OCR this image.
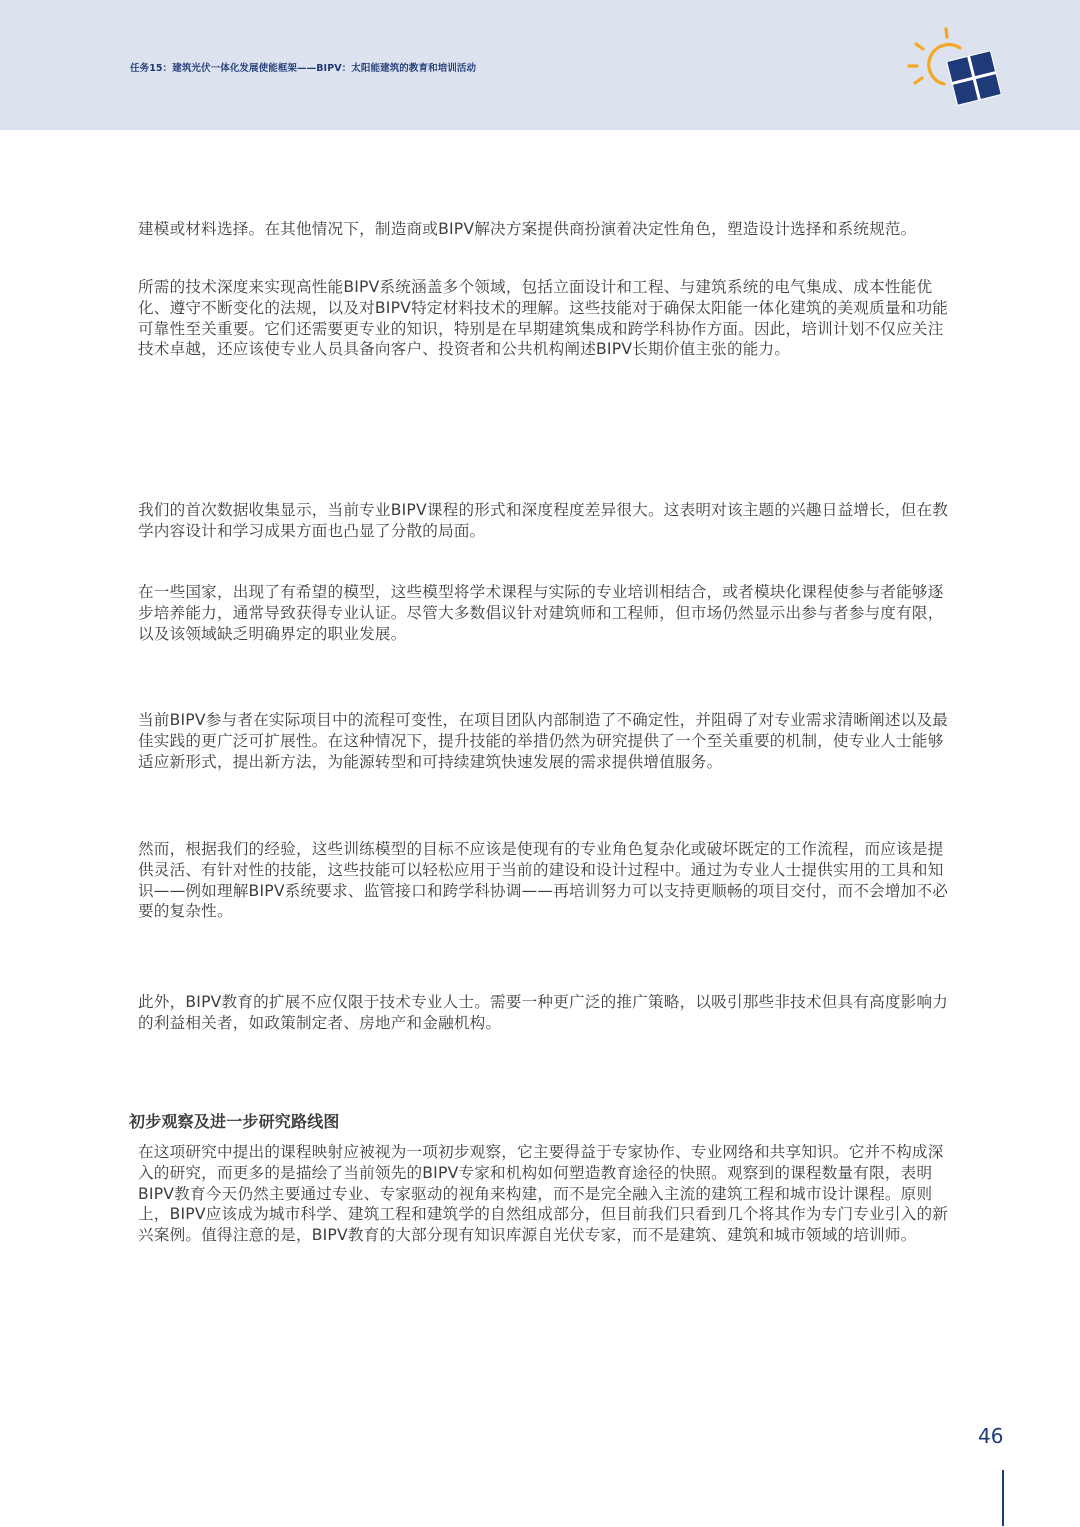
任务15：建筑光伏一体化发展使能框架——BIPV：太阳能建筑的教育和培训活动

建模或材料选择。在其他情况下，制造商或BIPV解决方案提供商扮演着决定性角色，塑造设计选择和系统规范。

所需的技术深度来实现高性能BIPV系统涵盖多个领域，包括立面设计和工程、与建筑系统的电气集成、成本性能优化、遵守不断变化的法规，以及对BIPV特定材料技术的理解。这些技能对于确保太阳能一体化建筑的美观质量和功能可靠性至关重要。它们还需要更专业的知识，特别是在早期建筑集成和跨学科协作方面。因此，培训计划不仅应关注技术卓越，还应该使专业人员具备向客户、投资者和公共机构阐述BIPV长期价值主张的能力。

我们的首次数据收集显示，当前专业BIPV课程的形式和深度程度差异很大。这表明对该主题的兴趣日益增长，但在教学内容设计和学习成果方面也凸显了分散的局面。

在一些国家，出现了有希望的模型，这些模型将学术课程与实际的专业培训相结合，或者模块化课程使参与者能够逐步培养能力，通常导致获得专业认证。尽管大多数倡议针对建筑师和工程师，但市场仍然显示出参与者参与度有限，以及该领域缺乏明确界定的职业发展。

当前BIPV参与者在实际项目中的流程可变性，在项目团队内部制造了不确定性，并阻碍了对专业需求清晰阐述以及最佳实践的更广泛可扩展性。在这种情况下，提升技能的举措仍然为研究提供了一个至关重要的机制，使专业人士能够适应新形式，提出新方法，为能源转型和可持续建筑快速发展的需求提供增值服务。

然而，根据我们的经验，这些训练模型的目标不应该是使现有的专业角色复杂化或破坏既定的工作流程，而应该是提供灵活、有针对性的技能，这些技能可以轻松应用于当前的建设和设计过程中。通过为专业人士提供实用的工具和知识——例如理解BIPV系统要求、监管接口和跨学科协调——再培训努力可以支持更顺畅的项目交付，而不会增加不必要的复杂性。

此外，BIPV教育的扩展不应仅限于技术专业人士。需要一种更广泛的推广策略，以吸引那些非技术但具有高度影响力的利益相关者，如政策制定者、房地产和金融机构。

初步观察及进一步研究路线图

在这项研究中提出的课程映射应被视为一项初步观察，它主要得益于专家协作、专业网络和共享知识。它并不构成深入的研究，而更多的是描绘了当前领先的BIPV专家和机构如何塑造教育途径的快照。观察到的课程数量有限，表明BIPV教育今天仍然主要通过专业、专家驱动的视角来构建，而不是完全融入主流的建筑工程和城市设计课程。原则上，BIPV应该成为城市科学、建筑工程和建筑学的自然组成部分，但目前我们只看到几个将其作为专门专业引入的新兴案例。值得注意的是，BIPV教育的大部分现有知识库源自光伏专家，而不是建筑、建筑和城市领域的培训师。

46
